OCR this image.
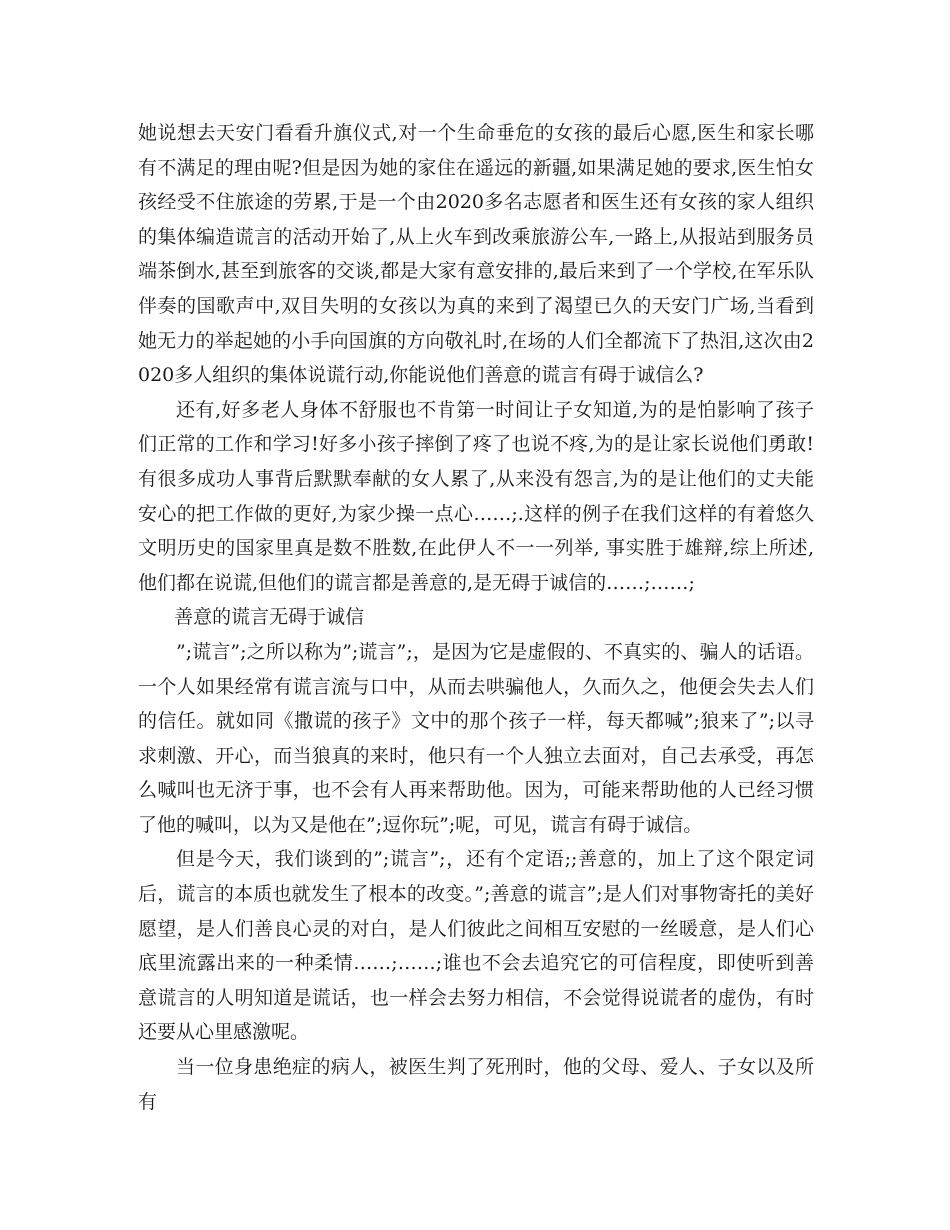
她说想去天安门看看升旗仪式,对一个生命垂危的女孩的最后心愿,医生和家长哪有不满足的理由呢?但是因为她的家住在遥远的新疆,如果满足她的要求,医生怕女孩经受不住旅途的劳累,于是一个由2020多名志愿者和医生还有女孩的家人组织的集体编造谎言的活动开始了,从上火车到改乘旅游公车,一路上,从报站到服务员端茶倒水,甚至到旅客的交谈,都是大家有意安排的,最后来到了一个学校,在军乐队伴奏的国歌声中,双目失明的女孩以为真的来到了渴望已久的天安门广场,当看到她无力的举起她的小手向国旗的方向敬礼时,在场的人们全都流下了热泪,这次由2020多人组织的集体说谎行动,你能说他们善意的谎言有碍于诚信么?

还有,好多老人身体不舒服也不肯第一时间让子女知道,为的是怕影响了孩子们正常的工作和学习!好多小孩子摔倒了疼了也说不疼,为的是让家长说他们勇敢!有很多成功人事背后默默奉献的女人累了,从来没有怨言,为的是让他们的丈夫能安心的把工作做的更好,为家少操一点心……;.这样的例子在我们这样的有着悠久文明历史的国家里真是数不胜数,在此伊人不一一列举, 事实胜于雄辩,综上所述,他们都在说谎,但他们的谎言都是善意的,是无碍于诚信的……;……;

善意的谎言无碍于诚信

”;谎言”;之所以称为”;谎言”;，是因为它是虚假的、不真实的、骗人的话语。一个人如果经常有谎言流与口中，从而去哄骗他人，久而久之，他便会失去人们的信任。就如同《撒谎的孩子》文中的那个孩子一样，每天都喊”;狼来了”;以寻求刺激、开心，而当狼真的来时，他只有一个人独立去面对，自己去承受，再怎么喊叫也无济于事，也不会有人再来帮助他。因为，可能来帮助他的人已经习惯了他的喊叫，以为又是他在”;逗你玩”;呢，可见，谎言有碍于诚信。

但是今天，我们谈到的”;谎言”;，还有个定语;;善意的，加上了这个限定词后，谎言的本质也就发生了根本的改变。”;善意的谎言”;是人们对事物寄托的美好愿望，是人们善良心灵的对白，是人们彼此之间相互安慰的一丝暖意，是人们心底里流露出来的一种柔情……;……;谁也不会去追究它的可信程度，即使听到善意谎言的人明知道是谎话，也一样会去努力相信，不会觉得说谎者的虚伪，有时还要从心里感激呢。

当一位身患绝症的病人，被医生判了死刑时，他的父母、爱人、子女以及所有
